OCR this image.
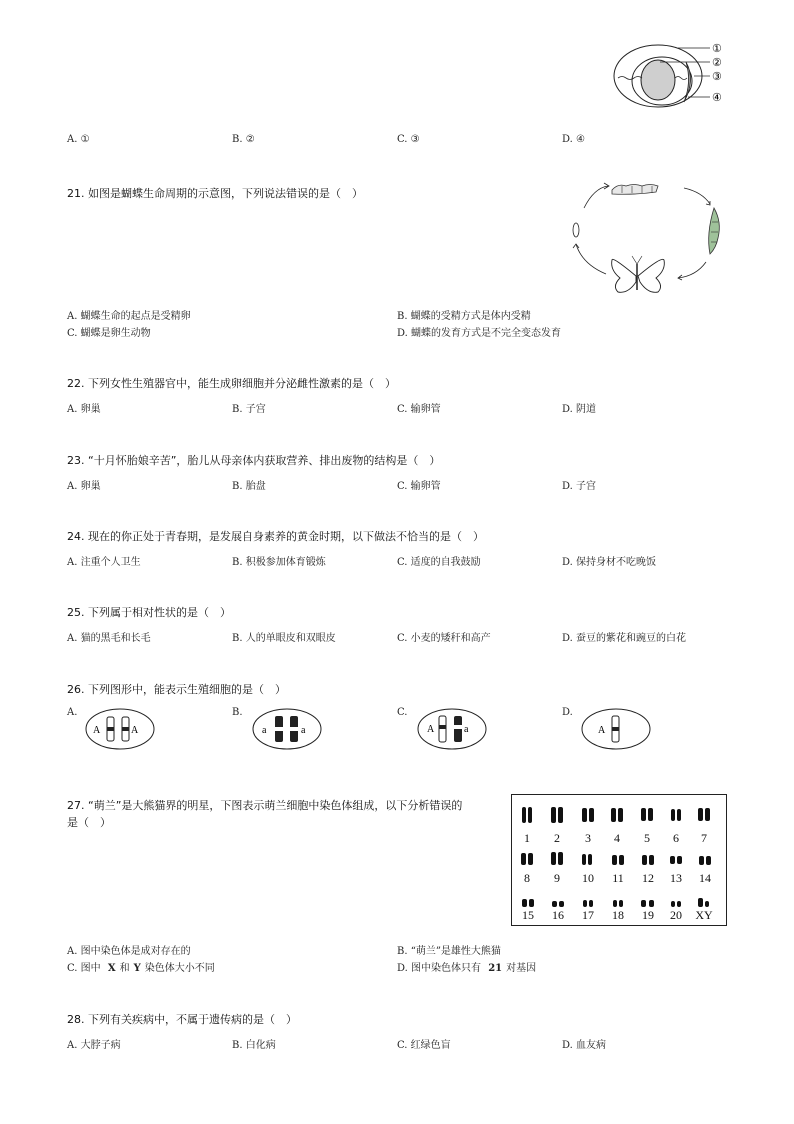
①
②
③
④
A. ①	B. ②	C. ③	D. ④
21. 如图是蝴蝶生命周期的示意图，下列说法错误的是（　）
A. 蝴蝶生命的起点是受精卵	B. 蝴蝶的受精方式是体内受精
C. 蝴蝶是卵生动物	D. 蝴蝶的发育方式是不完全变态发育
22. 下列女性生殖器官中，能生成卵细胞并分泌雌性激素的是（　）
A. 卵巢	B. 子宫	C. 输卵管	D. 阴道
23. “十月怀胎娘辛苦”，胎儿从母亲体内获取营养、排出废物的结构是（　）
A. 卵巢	B. 胎盘	C. 输卵管	D. 子宫
24. 现在的你正处于青春期，是发展自身素养的黄金时期，以下做法不恰当的是（　）
A. 注重个人卫生	B. 积极参加体育锻炼	C. 适度的自我鼓励	D. 保持身材不吃晚饭
25. 下列属于相对性状的是（　）
A. 猫的黑毛和长毛	B. 人的单眼皮和双眼皮	C. 小麦的矮秆和高产	D. 蚕豆的紫花和豌豆的白花
26. 下列图形中，能表示生殖细胞的是（　）
A.	B.	C.	D.
A	A	a	a	A	a	A
27. “萌兰”是大熊猫界的明星，下图表示萌兰细胞中染色体组成，以下分析错误的
是（　）
1 2 3 4 5 6 7
8 9 10 11 12 13 14
15 16 17 18 19 20 XY
A. 图中染色体是成对存在的	B. “萌兰”是雄性大熊猫
C. 图中 X 和 Y 染色体大小不同	D. 图中染色体只有 21 对基因
28. 下列有关疾病中，不属于遗传病的是（　）
A. 大脖子病	B. 白化病	C. 红绿色盲	D. 血友病
